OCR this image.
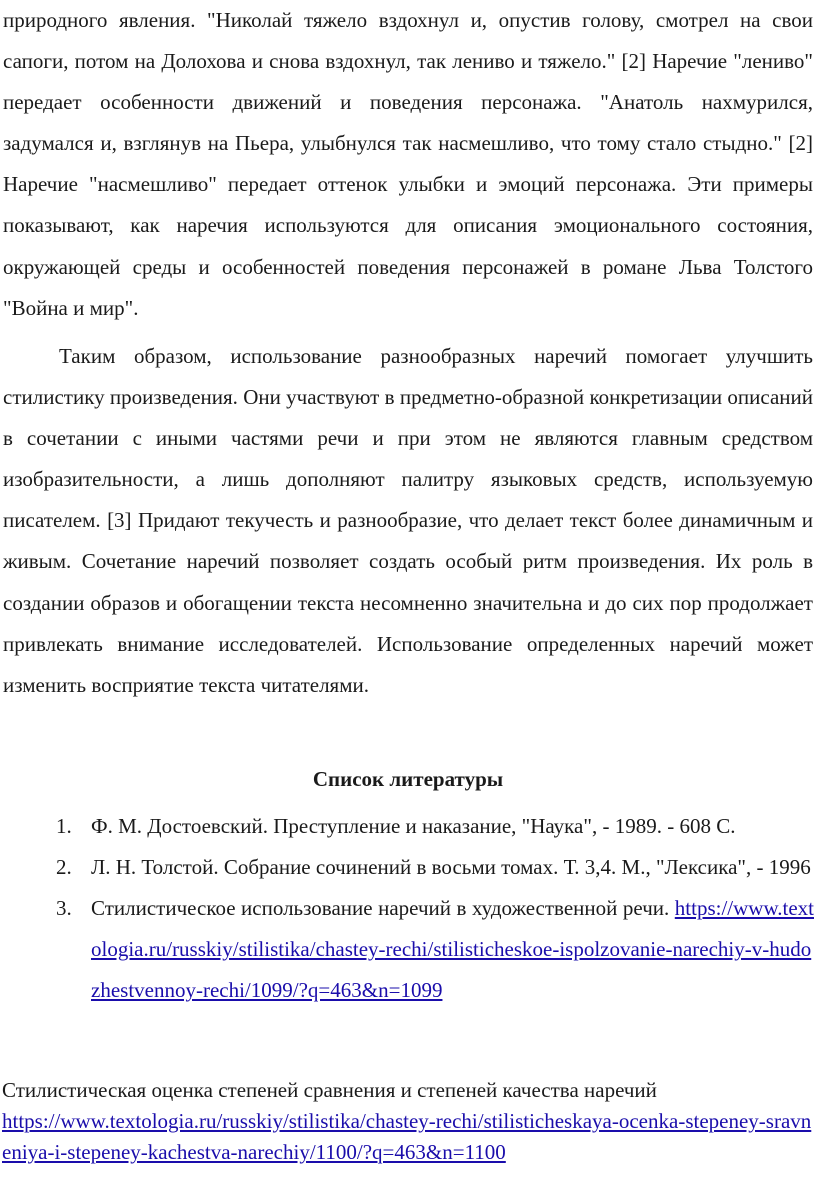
природного явления. "Николай тяжело вздохнул и, опустив голову, смотрел на свои сапоги, потом на Долохова и снова вздохнул, так лениво и тяжело." [2] Наречие "лениво" передает особенности движений и поведения персонажа. "Анатоль нахмурился, задумался и, взглянув на Пьера, улыбнулся так насмешливо, что тому стало стыдно." [2] Наречие "насмешливо" передает оттенок улыбки и эмоций персонажа. Эти примеры показывают, как наречия используются для описания эмоционального состояния, окружающей среды и особенностей поведения персонажей в романе Льва Толстого "Война и мир".

Таким образом, использование разнообразных наречий помогает улучшить стилистику произведения. Они участвуют в предметно-образной конкретизации описаний в сочетании с иными частями речи и при этом не являются главным средством изобразительности, а лишь дополняют палитру языковых средств, используемую писателем. [3] Придают текучесть и разнообразие, что делает текст более динамичным и живым. Сочетание наречий позволяет создать особый ритм произведения. Их роль в создании образов и обогащении текста несомненно значительна и до сих пор продолжает привлекать внимание исследователей. Использование определенных наречий может изменить восприятие текста читателями.

Список литературы
1. Ф. М. Достоевский. Преступление и наказание, "Наука", - 1989. - 608 С.
2. Л. Н. Толстой. Собрание сочинений в восьми томах. Т. 3,4. М., "Лексика", - 1996
3. Стилистическое использование наречий в художественной речи. https://www.textologia.ru/russkiy/stilistika/chastey-rechi/stilisticheskoe-ispolzovanie-narechiy-v-hudozhestvennoy-rechi/1099/?q=463&n=1099
Стилистическая оценка степеней сравнения и степеней качества наречий
https://www.textologia.ru/russkiy/stilistika/chastey-rechi/stilisticheskaya-ocenka-stepeney-sravneniya-i-stepeney-kachestva-narechiy/1100/?q=463&n=1100
